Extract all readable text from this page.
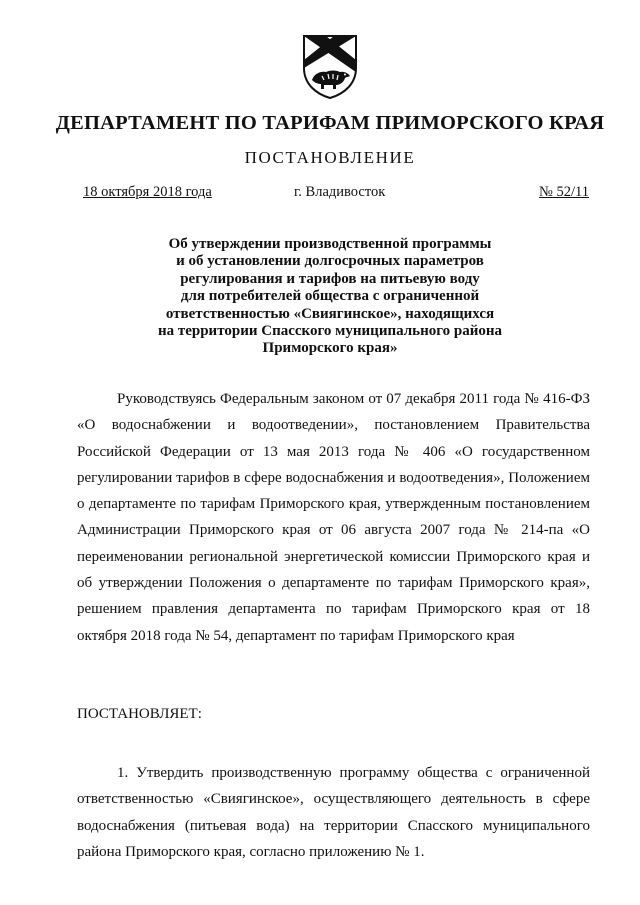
ДЕПАРТАМЕНТ ПО ТАРИФАМ ПРИМОРСКОГО КРАЯ
ПОСТАНОВЛЕНИЕ
18 октября 2018 года	г. Владивосток	№ 52/11
Об утверждении производственной программы
и об установлении долгосрочных параметров
регулирования и тарифов на питьевую воду
для потребителей общества с ограниченной
ответственностью «Свиягинское», находящихся
на территории Спасского муниципального района
Приморского края»
Руководствуясь Федеральным законом от 07 декабря 2011 года № 416-ФЗ «О водоснабжении и водоотведении», постановлением Правительства Российской Федерации от 13 мая 2013 года № 406 «О государственном регулировании тарифов в сфере водоснабжения и водоотведения», Положением о департаменте по тарифам Приморского края, утвержденным постановлением Администрации Приморского края от 06 августа 2007 года № 214-па «О переименовании региональной энергетической комиссии Приморского края и об утверждении Положения о департаменте по тарифам Приморского края», решением правления департамента по тарифам Приморского края от 18 октября 2018 года № 54, департамент по тарифам Приморского края
ПОСТАНОВЛЯЕТ:
1. Утвердить производственную программу общества с ограниченной ответственностью «Свиягинское», осуществляющего деятельность в сфере водоснабжения (питьевая вода) на территории Спасского муниципального района Приморского края, согласно приложению № 1.
